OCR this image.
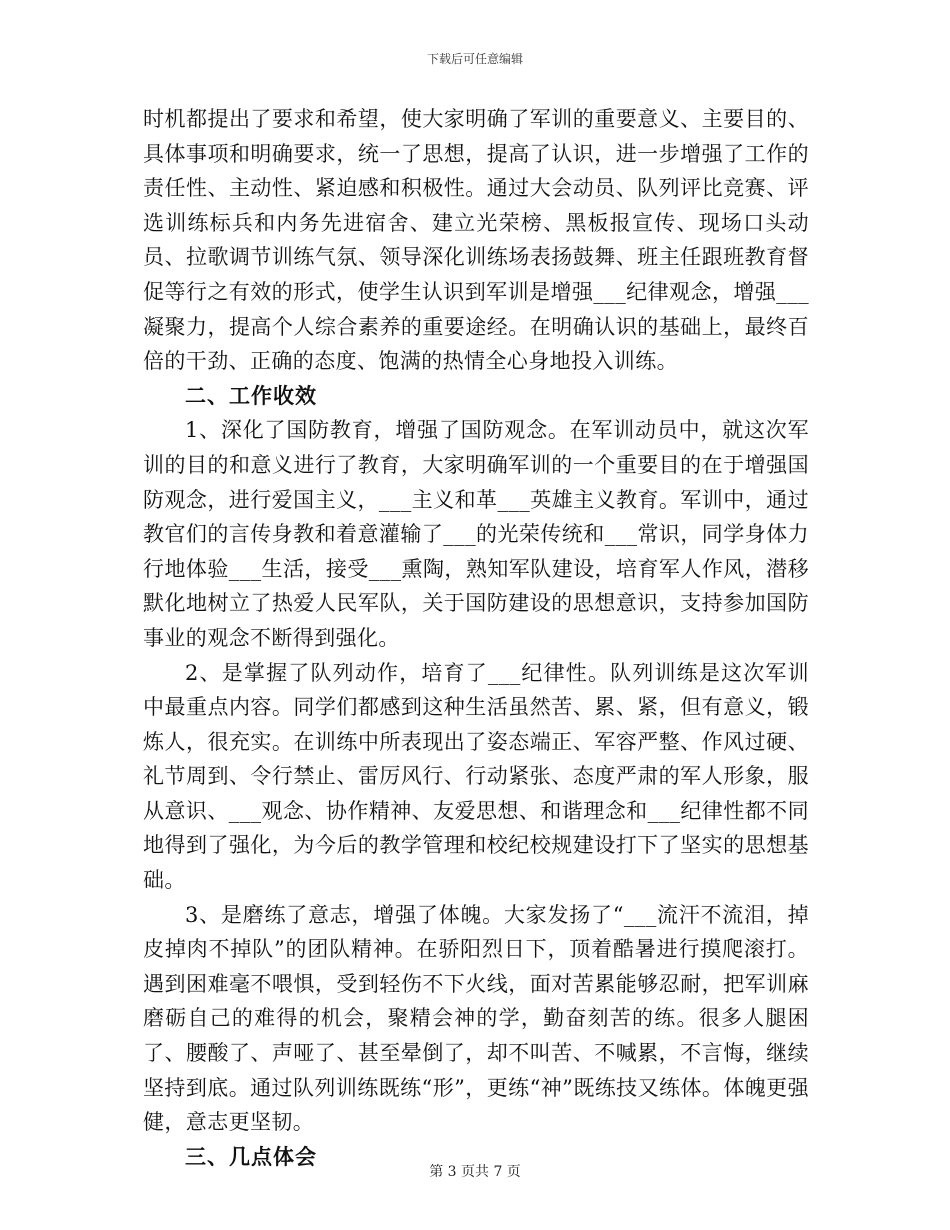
下载后可任意编辑

时机都提出了要求和希望，使大家明确了军训的重要意义、主要目的、具体事项和明确要求，统一了思想，提高了认识，进一步增强了工作的责任性、主动性、紧迫感和积极性。通过大会动员、队列评比竞赛、评选训练标兵和内务先进宿舍、建立光荣榜、黑板报宣传、现场口头动员、拉歌调节训练气氛、领导深化训练场表扬鼓舞、班主任跟班教育督促等行之有效的形式，使学生认识到军训是增强___纪律观念，增强___凝聚力，提高个人综合素养的重要途经。在明确认识的基础上，最终百倍的干劲、正确的态度、饱满的热情全心身地投入训练。

二、工作收效

1、深化了国防教育，增强了国防观念。在军训动员中，就这次军训的目的和意义进行了教育，大家明确军训的一个重要目的在于增强国防观念，进行爱国主义，___主义和革___英雄主义教育。军训中，通过教官们的言传身教和着意灌输了___的光荣传统和___常识，同学身体力行地体验___生活，接受___熏陶，熟知军队建设，培育军人作风，潜移默化地树立了热爱人民军队，关于国防建设的思想意识，支持参加国防事业的观念不断得到强化。

2、是掌握了队列动作，培育了___纪律性。队列训练是这次军训中最重点内容。同学们都感到这种生活虽然苦、累、紧，但有意义，锻炼人，很充实。在训练中所表现出了姿态端正、军容严整、作风过硬、礼节周到、令行禁止、雷厉风行、行动紧张、态度严肃的军人形象，服从意识、___观念、协作精神、友爱思想、和谐理念和___纪律性都不同地得到了强化，为今后的教学管理和校纪校规建设打下了坚实的思想基础。

3、是磨练了意志，增强了体魄。大家发扬了“___流汗不流泪，掉皮掉肉不掉队”的团队精神。在骄阳烈日下，顶着酷暑进行摸爬滚打。遇到困难毫不喂惧，受到轻伤不下火线，面对苦累能够忍耐，把军训麻磨砺自己的难得的机会，聚精会神的学，勤奋刻苦的练。很多人腿困了、腰酸了、声哑了、甚至晕倒了，却不叫苦、不喊累，不言悔，继续坚持到底。通过队列训练既练“形”，更练“神”既练技又练体。体魄更强健，意志更坚韧。

三、几点体会

第 3 页共 7 页
